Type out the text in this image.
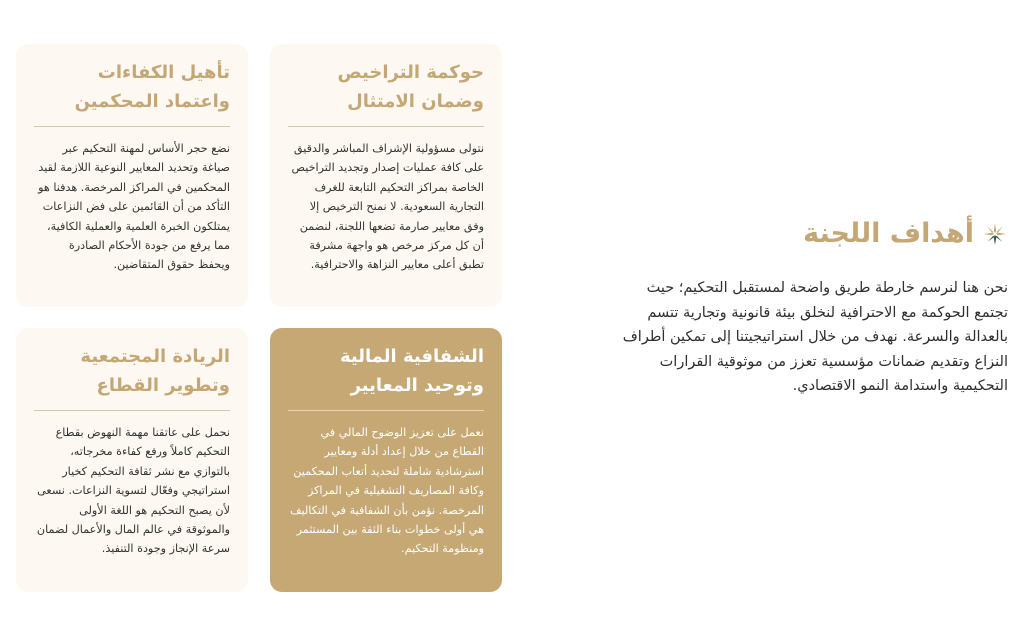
أهداف اللجنة

نحن هنا لنرسم خارطة طريق واضحة لمستقبل التحكيم؛ حيث تجتمع الحوكمة مع الاحترافية لنخلق بيئة قانونية وتجارية تتسم بالعدالة والسرعة. نهدف من خلال استراتيجيتنا إلى تمكين أطراف النزاع وتقديم ضمانات مؤسسية تعزز من موثوقية القرارات التحكيمية واستدامة النمو الاقتصادي.

حوكمة التراخيص وضمان الامتثال

نتولى مسؤولية الإشراف المباشر والدقيق على كافة عمليات إصدار وتجديد التراخيص الخاصة بمراكز التحكيم التابعة للغرف التجارية السعودية. لا نمنح الترخيص إلا وفق معايير صارمة تضعها اللجنة، لنضمن أن كل مركز مرخص هو واجهة مشرفة تطبق أعلى معايير النزاهة والاحترافية.

تأهيل الكفاءات واعتماد المحكمين

نضع حجر الأساس لمهنة التحكيم عبر صياغة وتحديد المعايير النوعية اللازمة لقيد المحكمين في المراكز المرخصة. هدفنا هو التأكد من أن القائمين على فض النزاعات يمتلكون الخبرة العلمية والعملية الكافية، مما يرفع من جودة الأحكام الصادرة ويحفظ حقوق المتقاضين.

الشفافية المالية وتوحيد المعايير

نعمل على تعزيز الوضوح المالي في القطاع من خلال إعداد أدلة ومعايير استرشادية شاملة لتحديد أتعاب المحكمين وكافة المصاريف التشغيلية في المراكز المرخصة. نؤمن بأن الشفافية في التكاليف هي أولى خطوات بناء الثقة بين المستثمر ومنظومة التحكيم.

الريادة المجتمعية وتطوير القطاع

نحمل على عاتقنا مهمة النهوض بقطاع التحكيم كاملاً ورفع كفاءة مخرجاته، بالتوازي مع نشر ثقافة التحكيم كخيار استراتيجي وفعّال لتسوية النزاعات. نسعى لأن يصبح التحكيم هو اللغة الأولى والموثوقة في عالم المال والأعمال لضمان سرعة الإنجاز وجودة التنفيذ.
